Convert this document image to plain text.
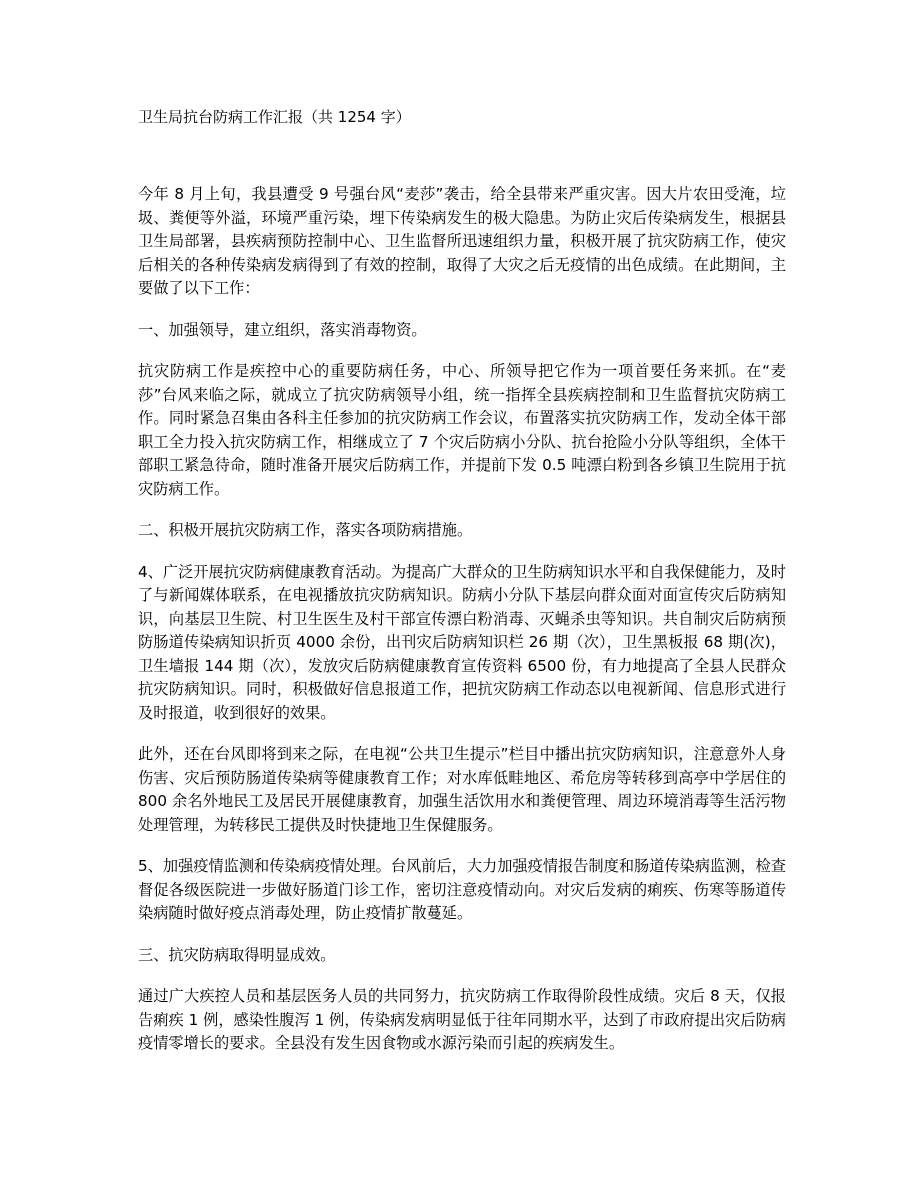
卫生局抗台防病工作汇报（共 1254 字）

今年 8 月上旬，我县遭受 9 号强台风“麦莎”袭击，给全县带来严重灾害。因大片农田受淹，垃圾、粪便等外溢，环境严重污染，埋下传染病发生的极大隐患。为防止灾后传染病发生，根据县卫生局部署，县疾病预防控制中心、卫生监督所迅速组织力量，积极开展了抗灾防病工作，使灾后相关的各种传染病发病得到了有效的控制，取得了大灾之后无疫情的出色成绩。在此期间，主要做了以下工作：

一、加强领导，建立组织，落实消毒物资。

抗灾防病工作是疾控中心的重要防病任务，中心、所领导把它作为一项首要任务来抓。在“麦莎”台风来临之际，就成立了抗灾防病领导小组，统一指挥全县疾病控制和卫生监督抗灾防病工作。同时紧急召集由各科主任参加的抗灾防病工作会议，布置落实抗灾防病工作，发动全体干部职工全力投入抗灾防病工作，相继成立了 7 个灾后防病小分队、抗台抢险小分队等组织，全体干部职工紧急待命，随时准备开展灾后防病工作，并提前下发 0.5 吨漂白粉到各乡镇卫生院用于抗灾防病工作。

二、积极开展抗灾防病工作，落实各项防病措施。

4、广泛开展抗灾防病健康教育活动。为提高广大群众的卫生防病知识水平和自我保健能力，及时了与新闻媒体联系，在电视播放抗灾防病知识。防病小分队下基层向群众面对面宣传灾后防病知识，向基层卫生院、村卫生医生及村干部宣传漂白粉消毒、灭蝇杀虫等知识。共自制灾后防病预防肠道传染病知识折页 4000 余份，出刊灾后防病知识栏 26 期（次），卫生黑板报 68 期(次)，卫生墙报 144 期（次），发放灾后防病健康教育宣传资料 6500 份，有力地提高了全县人民群众抗灾防病知识。同时，积极做好信息报道工作，把抗灾防病工作动态以电视新闻、信息形式进行及时报道，收到很好的效果。

此外，还在台风即将到来之际，在电视“公共卫生提示”栏目中播出抗灾防病知识，注意意外人身伤害、灾后预防肠道传染病等健康教育工作；对水库低畦地区、希危房等转移到高亭中学居住的 800 余名外地民工及居民开展健康教育，加强生活饮用水和粪便管理、周边环境消毒等生活污物处理管理，为转移民工提供及时快捷地卫生保健服务。

5、加强疫情监测和传染病疫情处理。台风前后，大力加强疫情报告制度和肠道传染病监测，检查督促各级医院进一步做好肠道门诊工作，密切注意疫情动向。对灾后发病的痢疾、伤寒等肠道传染病随时做好疫点消毒处理，防止疫情扩散蔓延。

三、抗灾防病取得明显成效。

通过广大疾控人员和基层医务人员的共同努力，抗灾防病工作取得阶段性成绩。灾后 8 天，仅报告痢疾 1 例，感染性腹泻 1 例，传染病发病明显低于往年同期水平，达到了市政府提出灾后防病疫情零增长的要求。全县没有发生因食物或水源污染而引起的疾病发生。
